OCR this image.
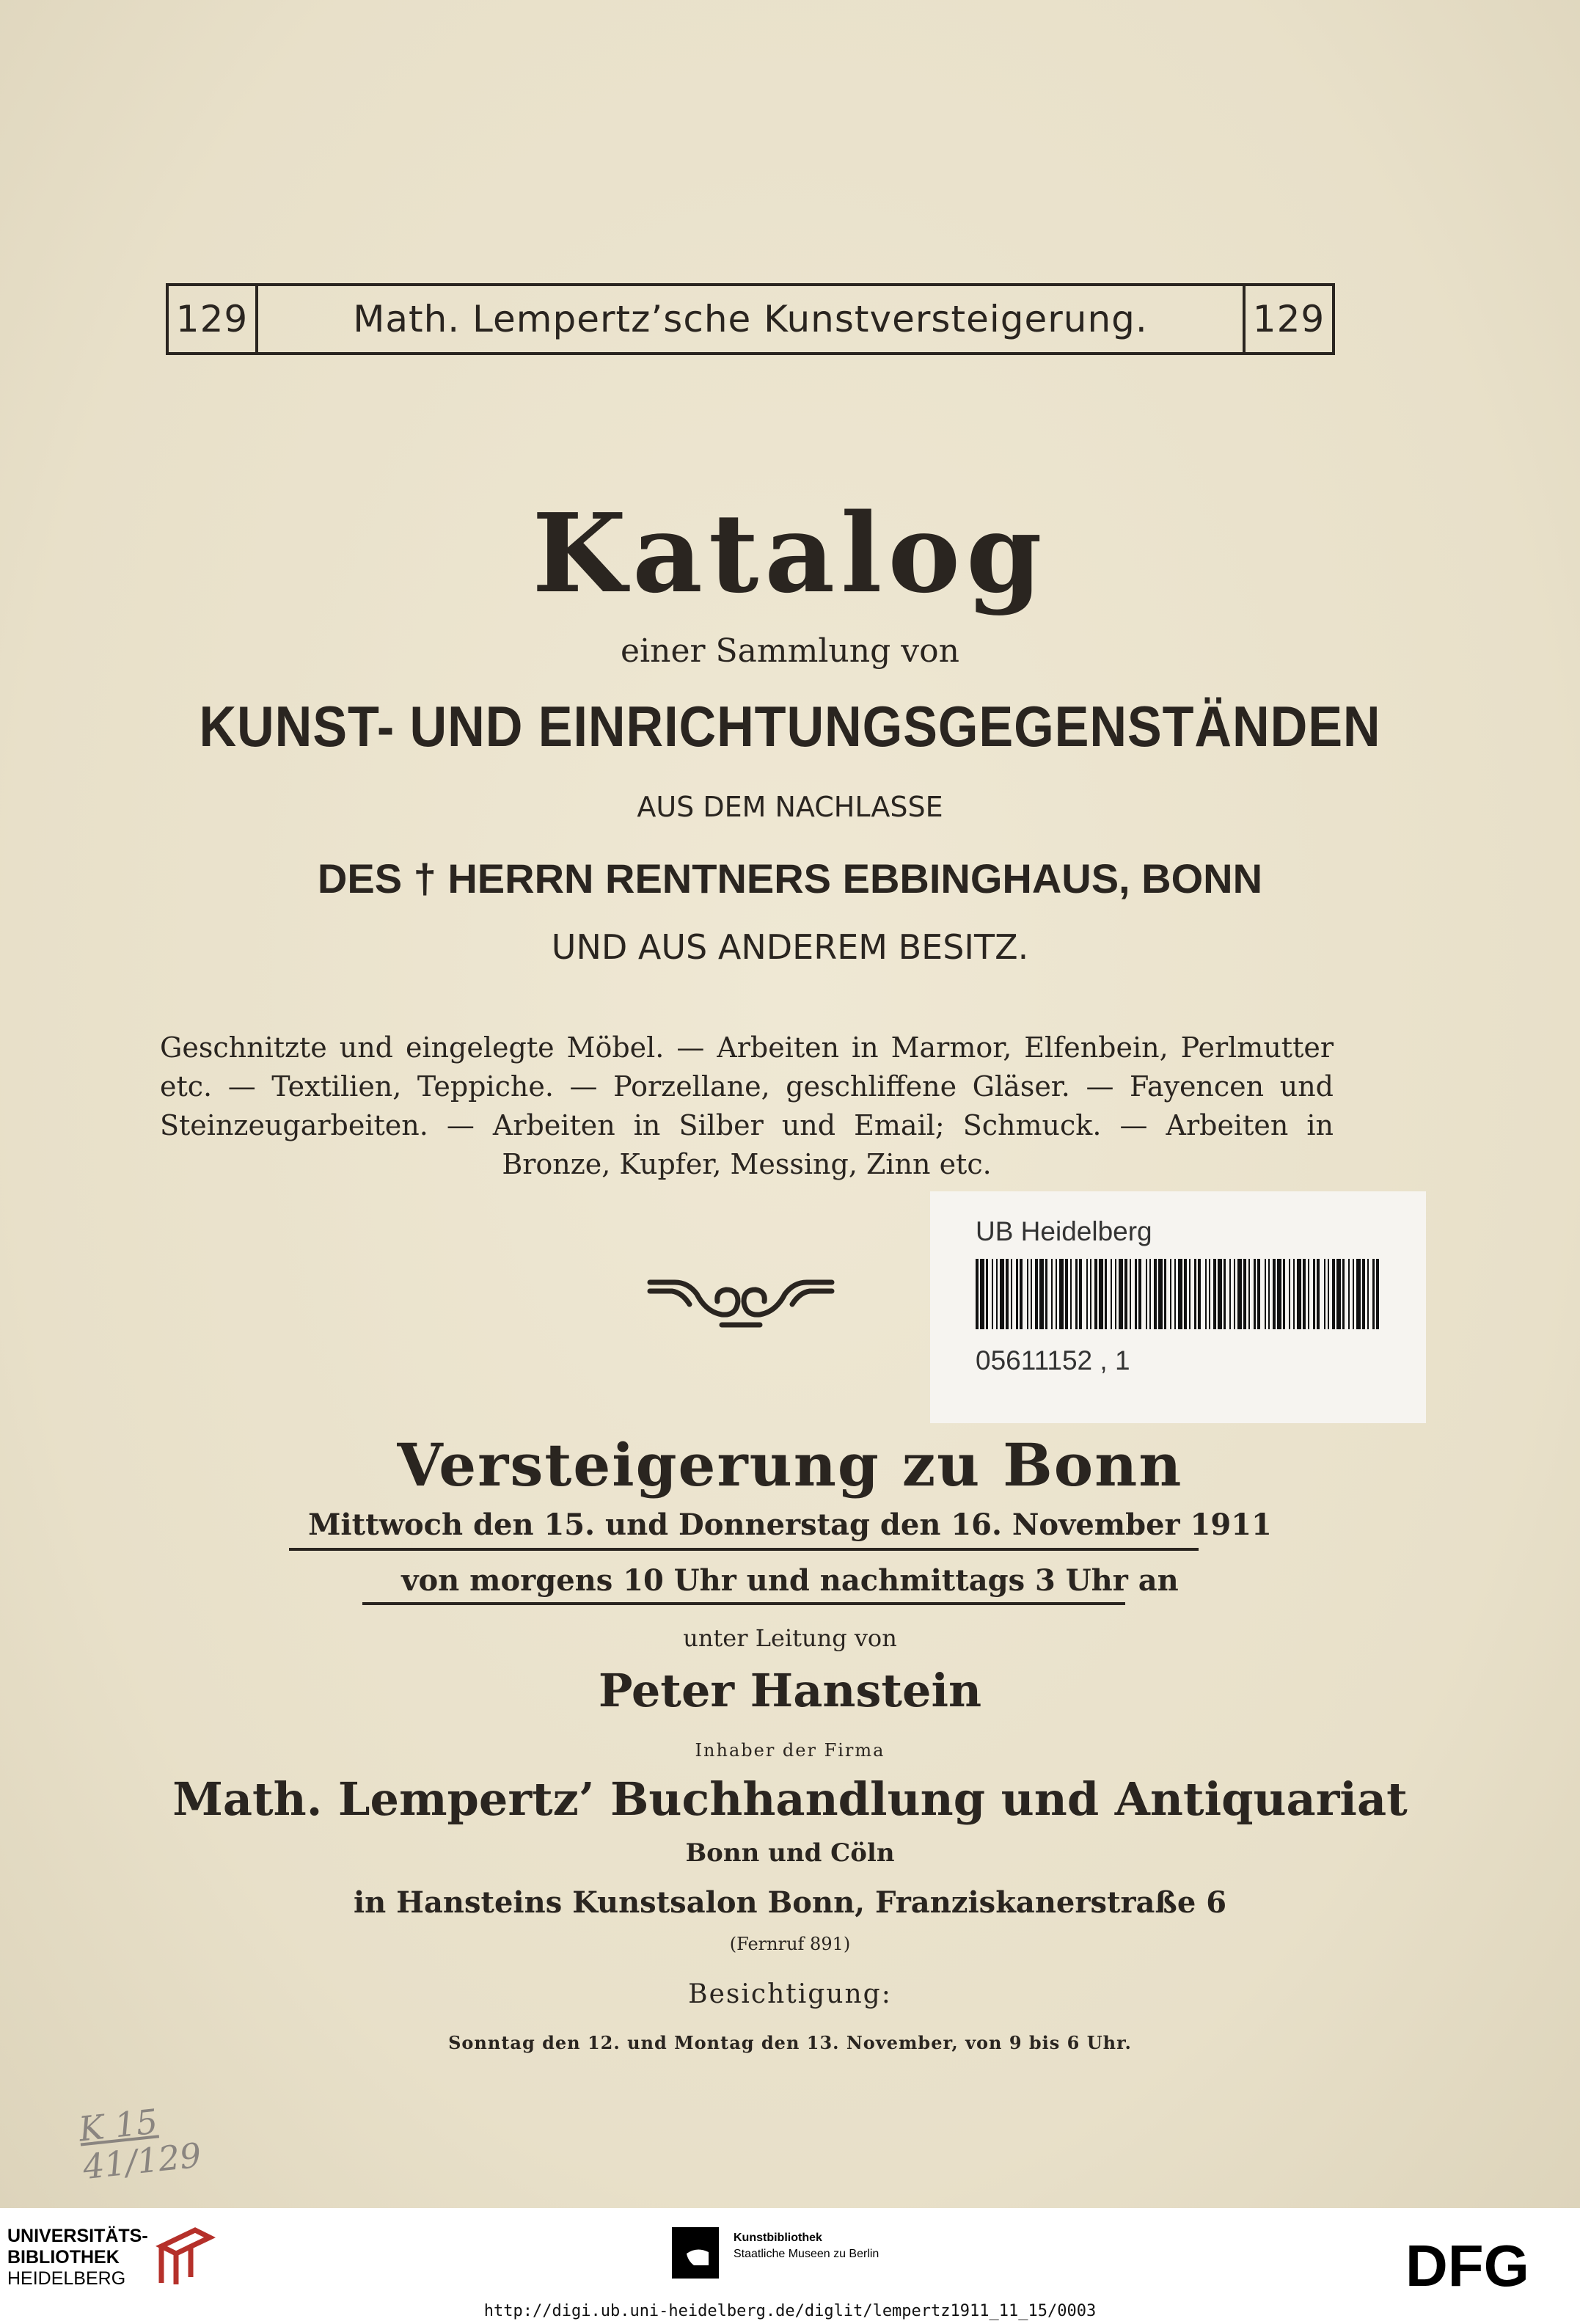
129	Math. Lempertz’sche Kunstversteigerung.	129
Katalog
einer Sammlung von
KUNST- UND EINRICHTUNGSGEGENSTÄNDEN
AUS DEM NACHLASSE
DES † HERRN RENTNERS EBBINGHAUS, BONN
UND AUS ANDEREM BESITZ.
Geschnitzte und eingelegte Möbel. — Arbeiten in Marmor, Elfenbein, Perlmutter etc. — Textilien, Teppiche. — Porzellane, geschliffene Gläser. — Fayencen und Steinzeugarbeiten. — Arbeiten in Silber und Email; Schmuck. — Arbeiten in Bronze, Kupfer, Messing, Zinn etc.
UB Heidelberg
05611152 , 1
Versteigerung zu Bonn
Mittwoch den 15. und Donnerstag den 16. November 1911
von morgens 10 Uhr und nachmittags 3 Uhr an
unter Leitung von
Peter Hanstein
Inhaber der Firma
Math. Lempertz’ Buchhandlung und Antiquariat
Bonn und Cöln
in Hansteins Kunstsalon Bonn, Franziskanerstraße 6
(Fernruf 891)
Besichtigung:
Sonntag den 12. und Montag den 13. November, von 9 bis 6 Uhr.
K 15
41/129
UNIVERSITÄTS-
BIBLIOTHEK
HEIDELBERG
Kunstbibliothek
Staatliche Museen zu Berlin	DFG
http://digi.ub.uni-heidelberg.de/diglit/lempertz1911_11_15/0003
